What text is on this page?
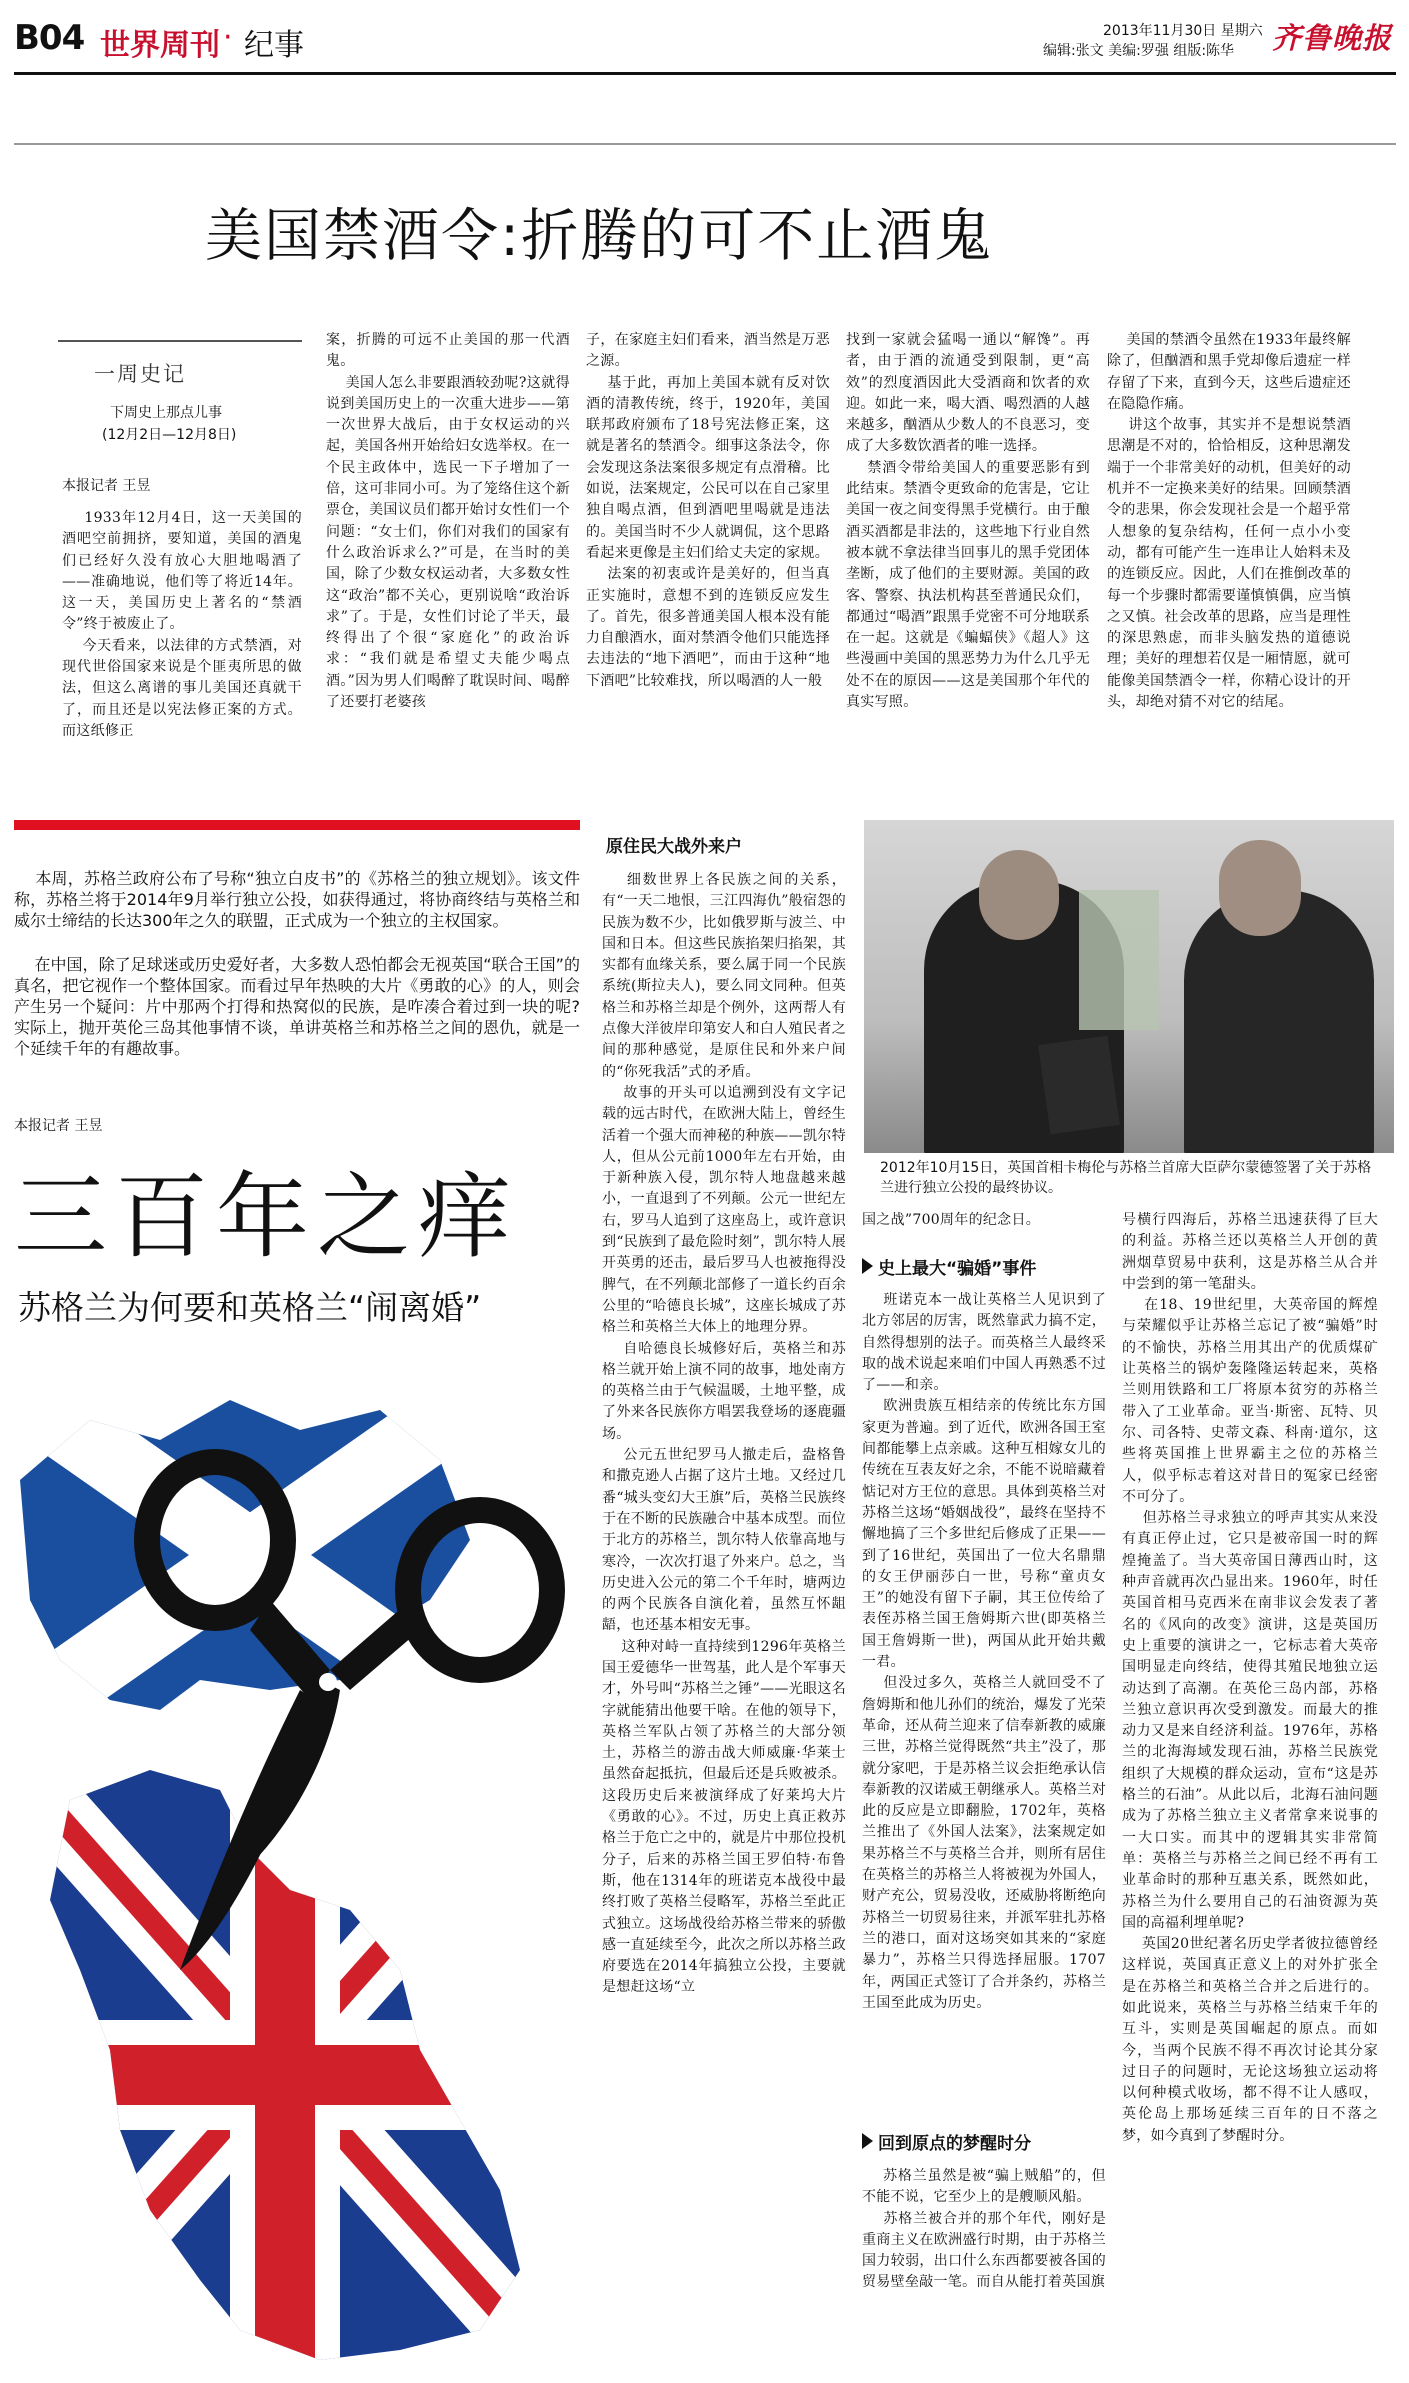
B04 世界周刊 · 纪事	2013年11月30日 星期六
编辑:张文 美编:罗强 组版:陈华 齐鲁晚报
美国禁酒令:折腾的可不止酒鬼
一周史记
下周史上那点儿事
(12月2日—12月8日)
本报记者 王昱
1933年12月4日，这一天美国的酒吧空前拥挤，要知道，美国的酒鬼们已经好久没有放心大胆地喝酒了——准确地说，他们等了将近14年。这一天，美国历史上著名的“禁酒令”终于被废止了。
今天看来，以法律的方式禁酒，对现代世俗国家来说是个匪夷所思的做法，但这么离谱的事儿美国还真就干了，而且还是以宪法修正案的方式。而这纸修正
案，折腾的可远不止美国的那一代酒鬼。
美国人怎么非要跟酒较劲呢?这就得说到美国历史上的一次重大进步——第一次世界大战后，由于女权运动的兴起，美国各州开始给妇女选举权。在一个民主政体中，选民一下子增加了一倍，这可非同小可。为了笼络住这个新票仓，美国议员们都开始讨女性们一个问题：“女士们，你们对我们的国家有什么政治诉求么?”可是，在当时的美国，除了少数女权运动者，大多数女性这“政治”都不关心，更别说啥“政治诉求”了。于是，女性们讨论了半天，最终得出了个很“家庭化”的政治诉求：“我们就是希望丈夫能少喝点酒。”因为男人们喝醉了耽误时间、喝醉了还要打老婆孩
子，在家庭主妇们看来，酒当然是万恶之源。
基于此，再加上美国本就有反对饮酒的清教传统，终于，1920年，美国联邦政府颁布了18号宪法修正案，这就是著名的禁酒令。细事这条法令，你会发现这条法案很多规定有点滑稽。比如说，法案规定，公民可以在自己家里独自喝点酒，但到酒吧里喝就是违法的。美国当时不少人就调侃，这个思路看起来更像是主妇们给丈夫定的家规。
法案的初衷或许是美好的，但当真正实施时，意想不到的连锁反应发生了。首先，很多普通美国人根本没有能力自酿酒水，面对禁酒令他们只能选择去违法的“地下酒吧”，而由于这种“地下酒吧”比较难找，所以喝酒的人一般
找到一家就会猛喝一通以“解馋”。再者，由于酒的流通受到限制，更“高效”的烈度酒因此大受酒商和饮者的欢迎。如此一来，喝大酒、喝烈酒的人越来越多，酗酒从少数人的不良恶习，变成了大多数饮酒者的唯一选择。
禁酒令带给美国人的重要恶影有到此结束。禁酒令更致命的危害是，它让美国一夜之间变得黑手党横行。由于酿酒买酒都是非法的，这些地下行业自然被本就不拿法律当回事儿的黑手党团体垄断，成了他们的主要财源。美国的政客、警察、执法机构甚至普通民众们，都通过“喝酒”跟黑手党密不可分地联系在一起。这就是《蝙蝠侠》《超人》这些漫画中美国的黑恶势力为什么几乎无处不在的原因——这是美国那个年代的真实写照。
美国的禁酒令虽然在1933年最终解除了，但酗酒和黑手党却像后遗症一样存留了下来，直到今天，这些后遗症还在隐隐作痛。
讲这个故事，其实并不是想说禁酒思潮是不对的，恰恰相反，这种思潮发端于一个非常美好的动机，但美好的动机并不一定换来美好的结果。回顾禁酒令的悲果，你会发现社会是一个超乎常人想象的复杂结构，任何一点小小变动，都有可能产生一连串让人始料未及的连锁反应。因此，人们在推倒改革的每一个步骤时都需要谨慎慎偶，应当慎之又慎。社会改革的思路，应当是理性的深思熟虑，而非头脑发热的道德说理；美好的理想若仅是一厢情愿，就可能像美国禁酒令一样，你精心设计的开头，却绝对猜不对它的结尾。
本周，苏格兰政府公布了号称“独立白皮书”的《苏格兰的独立规划》。该文件称，苏格兰将于2014年9月举行独立公投，如获得通过，将协商终结与英格兰和威尔士缔结的长达300年之久的联盟，正式成为一个独立的主权国家。
在中国，除了足球迷或历史爱好者，大多数人恐怕都会无视英国“联合王国”的真名，把它视作一个整体国家。而看过早年热映的大片《勇敢的心》的人，则会产生另一个疑问：片中那两个打得和热窝似的民族，是咋凑合着过到一块的呢?实际上，抛开英伦三岛其他事情不谈，单讲英格兰和苏格兰之间的恩仇，就是一个延续千年的有趣故事。
本报记者 王昱
三百年之痒
苏格兰为何要和英格兰“闹离婚”
原住民大战外来户
细数世界上各民族之间的关系，有“一天二地恨，三江四海仇”般宿怨的民族为数不少，比如俄罗斯与波兰、中国和日本。但这些民族掐架归掐架，其实都有血缘关系，要么属于同一个民族系统(斯拉夫人)，要么同文同种。但英格兰和苏格兰却是个例外，这两帮人有点像大洋彼岸印第安人和白人殖民者之间的那种感觉，是原住民和外来户间的“你死我活”式的矛盾。
故事的开头可以追溯到没有文字记载的远古时代，在欧洲大陆上，曾经生活着一个强大而神秘的种族——凯尔特人，但从公元前1000年左右开始，由于新种族入侵，凯尔特人地盘越来越小，一直退到了不列颠。公元一世纪左右，罗马人追到了这座岛上，或许意识到“民族到了最危险时刻”，凯尔特人展开英勇的还击，最后罗马人也被拖得没脾气，在不列颠北部修了一道长约百余公里的“哈德良长城”，这座长城成了苏格兰和英格兰大体上的地理分界。
自哈德良长城修好后，英格兰和苏格兰就开始上演不同的故事，地处南方的英格兰由于气候温暖，土地平整，成了外来各民族你方唱罢我登场的逐鹿疆场。
公元五世纪罗马人撤走后，盎格鲁和撒克逊人占据了这片土地。又经过几番“城头变幻大王旗”后，英格兰民族终于在不断的民族融合中基本成型。而位于北方的苏格兰，凯尔特人依靠高地与寒冷，一次次打退了外来户。总之，当历史进入公元的第二个千年时，塘两边的两个民族各自演化着，虽然互怀龃龉，也还基本相安无事。
这种对峙一直持续到1296年英格兰国王爱德华一世驾基，此人是个军事天才，外号叫“苏格兰之锤”——光眼这名字就能猜出他要干啥。在他的领导下，英格兰军队占领了苏格兰的大部分领土，苏格兰的游击战大师威廉·华莱士虽然奋起抵抗，但最后还是兵败被杀。这段历史后来被演绎成了好莱坞大片《勇敢的心》。不过，历史上真正救苏格兰于危亡之中的，就是片中那位投机分子，后来的苏格兰国王罗伯特·布鲁斯，他在1314年的班诺克本战役中最终打败了英格兰侵略军，苏格兰至此正式独立。这场战役给苏格兰带来的骄傲感一直延续至今，此次之所以苏格兰政府要选在2014年搞独立公投，主要就是想赶这场“立
2012年10月15日，英国首相卡梅伦与苏格兰首席大臣萨尔蒙德签署了关于苏格兰进行独立公投的最终协议。
国之战”700周年的纪念日。
史上最大“骗婚”事件
班诺克本一战让英格兰人见识到了北方邻居的厉害，既然靠武力搞不定，自然得想别的法子。而英格兰人最终采取的战术说起来咱们中国人再熟悉不过了——和亲。
欧洲贵族互相结亲的传统比东方国家更为普遍。到了近代，欧洲各国王室间都能攀上点亲戚。这种互相嫁女儿的传统在互表友好之余，不能不说暗藏着惦记对方王位的意思。具体到英格兰对苏格兰这场“婚姻战役”，最终在坚持不懈地搞了三个多世纪后修成了正果——到了16世纪，英国出了一位大名鼎鼎的女王伊丽莎白一世，号称“童贞女王”的她没有留下子嗣，其王位传给了表侄苏格兰国王詹姆斯六世(即英格兰国王詹姆斯一世)，两国从此开始共戴一君。
但没过多久，英格兰人就回受不了詹姆斯和他儿孙们的统治，爆发了光荣革命，还从荷兰迎来了信奉新教的威廉三世，苏格兰觉得既然“共主”没了，那就分家吧，于是苏格兰议会拒绝承认信奉新教的汉诺威王朝继承人。英格兰对此的反应是立即翻脸，1702年，英格兰推出了《外国人法案》，法案规定如果苏格兰不与英格兰合并，则所有居住在英格兰的苏格兰人将被视为外国人，财产充公，贸易没收，还威胁将断绝向苏格兰一切贸易往来，并派军驻扎苏格兰的港口，面对这场突如其来的“家庭暴力”，苏格兰只得选择屈服。1707年，两国正式签订了合并条约，苏格兰王国至此成为历史。
回到原点的梦醒时分
苏格兰虽然是被“骗上贼船”的，但不能不说，它至少上的是艘顺风船。
苏格兰被合并的那个年代，刚好是重商主义在欧洲盛行时期，由于苏格兰国力较弱，出口什么东西都要被各国的贸易壁垒敲一笔。而自从能打着英国旗
号横行四海后，苏格兰迅速获得了巨大的利益。苏格兰还以英格兰人开创的黄洲烟草贸易中获利，这是苏格兰从合并中尝到的第一笔甜头。
在18、19世纪里，大英帝国的辉煌与荣耀似乎让苏格兰忘记了被“骗婚”时的不愉快，苏格兰用其出产的优质煤矿让英格兰的锅炉轰隆隆运转起来，英格兰则用铁路和工厂将原本贫穷的苏格兰带入了工业革命。亚当·斯密、瓦特、贝尔、司各特、史蒂文森、科南·道尔，这些将英国推上世界霸主之位的苏格兰人，似乎标志着这对昔日的冤家已经密不可分了。
但苏格兰寻求独立的呼声其实从来没有真正停止过，它只是被帝国一时的辉煌掩盖了。当大英帝国日薄西山时，这种声音就再次凸显出来。1960年，时任英国首相马克西米在南非议会发表了著名的《风向的改变》演讲，这是英国历史上重要的演讲之一，它标志着大英帝国明显走向终结，使得其殖民地独立运动达到了高潮。在英伦三岛内部，苏格兰独立意识再次受到激发。而最大的推动力又是来自经济利益。1976年，苏格兰的北海海域发现石油，苏格兰民族党组织了大规模的群众运动，宣布“这是苏格兰的石油”。从此以后，北海石油问题成为了苏格兰独立主义者常拿来说事的一大口实。而其中的逻辑其实非常简单：英格兰与苏格兰之间已经不再有工业革命时的那种互惠关系，既然如此，苏格兰为什么要用自己的石油资源为英国的高福利埋单呢?
英国20世纪著名历史学者彼拉德曾经这样说，英国真正意义上的对外扩张全是在苏格兰和英格兰合并之后进行的。如此说来，英格兰与苏格兰结束千年的互斗，实则是英国崛起的原点。而如今，当两个民族不得不再次讨论其分家过日子的问题时，无论这场独立运动将以何种模式收场，都不得不让人感叹，英伦岛上那场延续三百年的日不落之梦，如今真到了梦醒时分。
